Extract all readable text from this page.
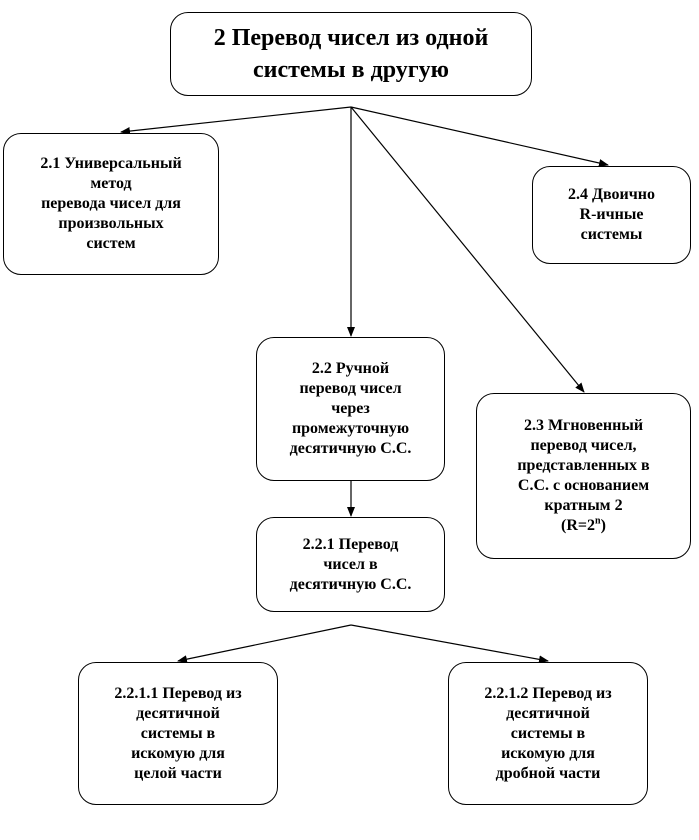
2 Перевод чисел из одной
системы в другую
2.1 Универсальный
метод
перевода чисел для
произвольных
систем
2.4 Двоично
R-ичные
системы
2.2 Ручной
перевод чисел
через
промежуточную
десятичную С.С.
2.3 Мгновенный
перевод чисел,
представленных в
С.С. с основанием
кратным 2
$(R=2^n)$
2.2.1 Перевод
чисел в
десятичную С.С.
2.2.1.1 Перевод из
десятичной
системы в
искомую для
целой части
2.2.1.2 Перевод из
десятичной
системы в
искомую для
дробной части
